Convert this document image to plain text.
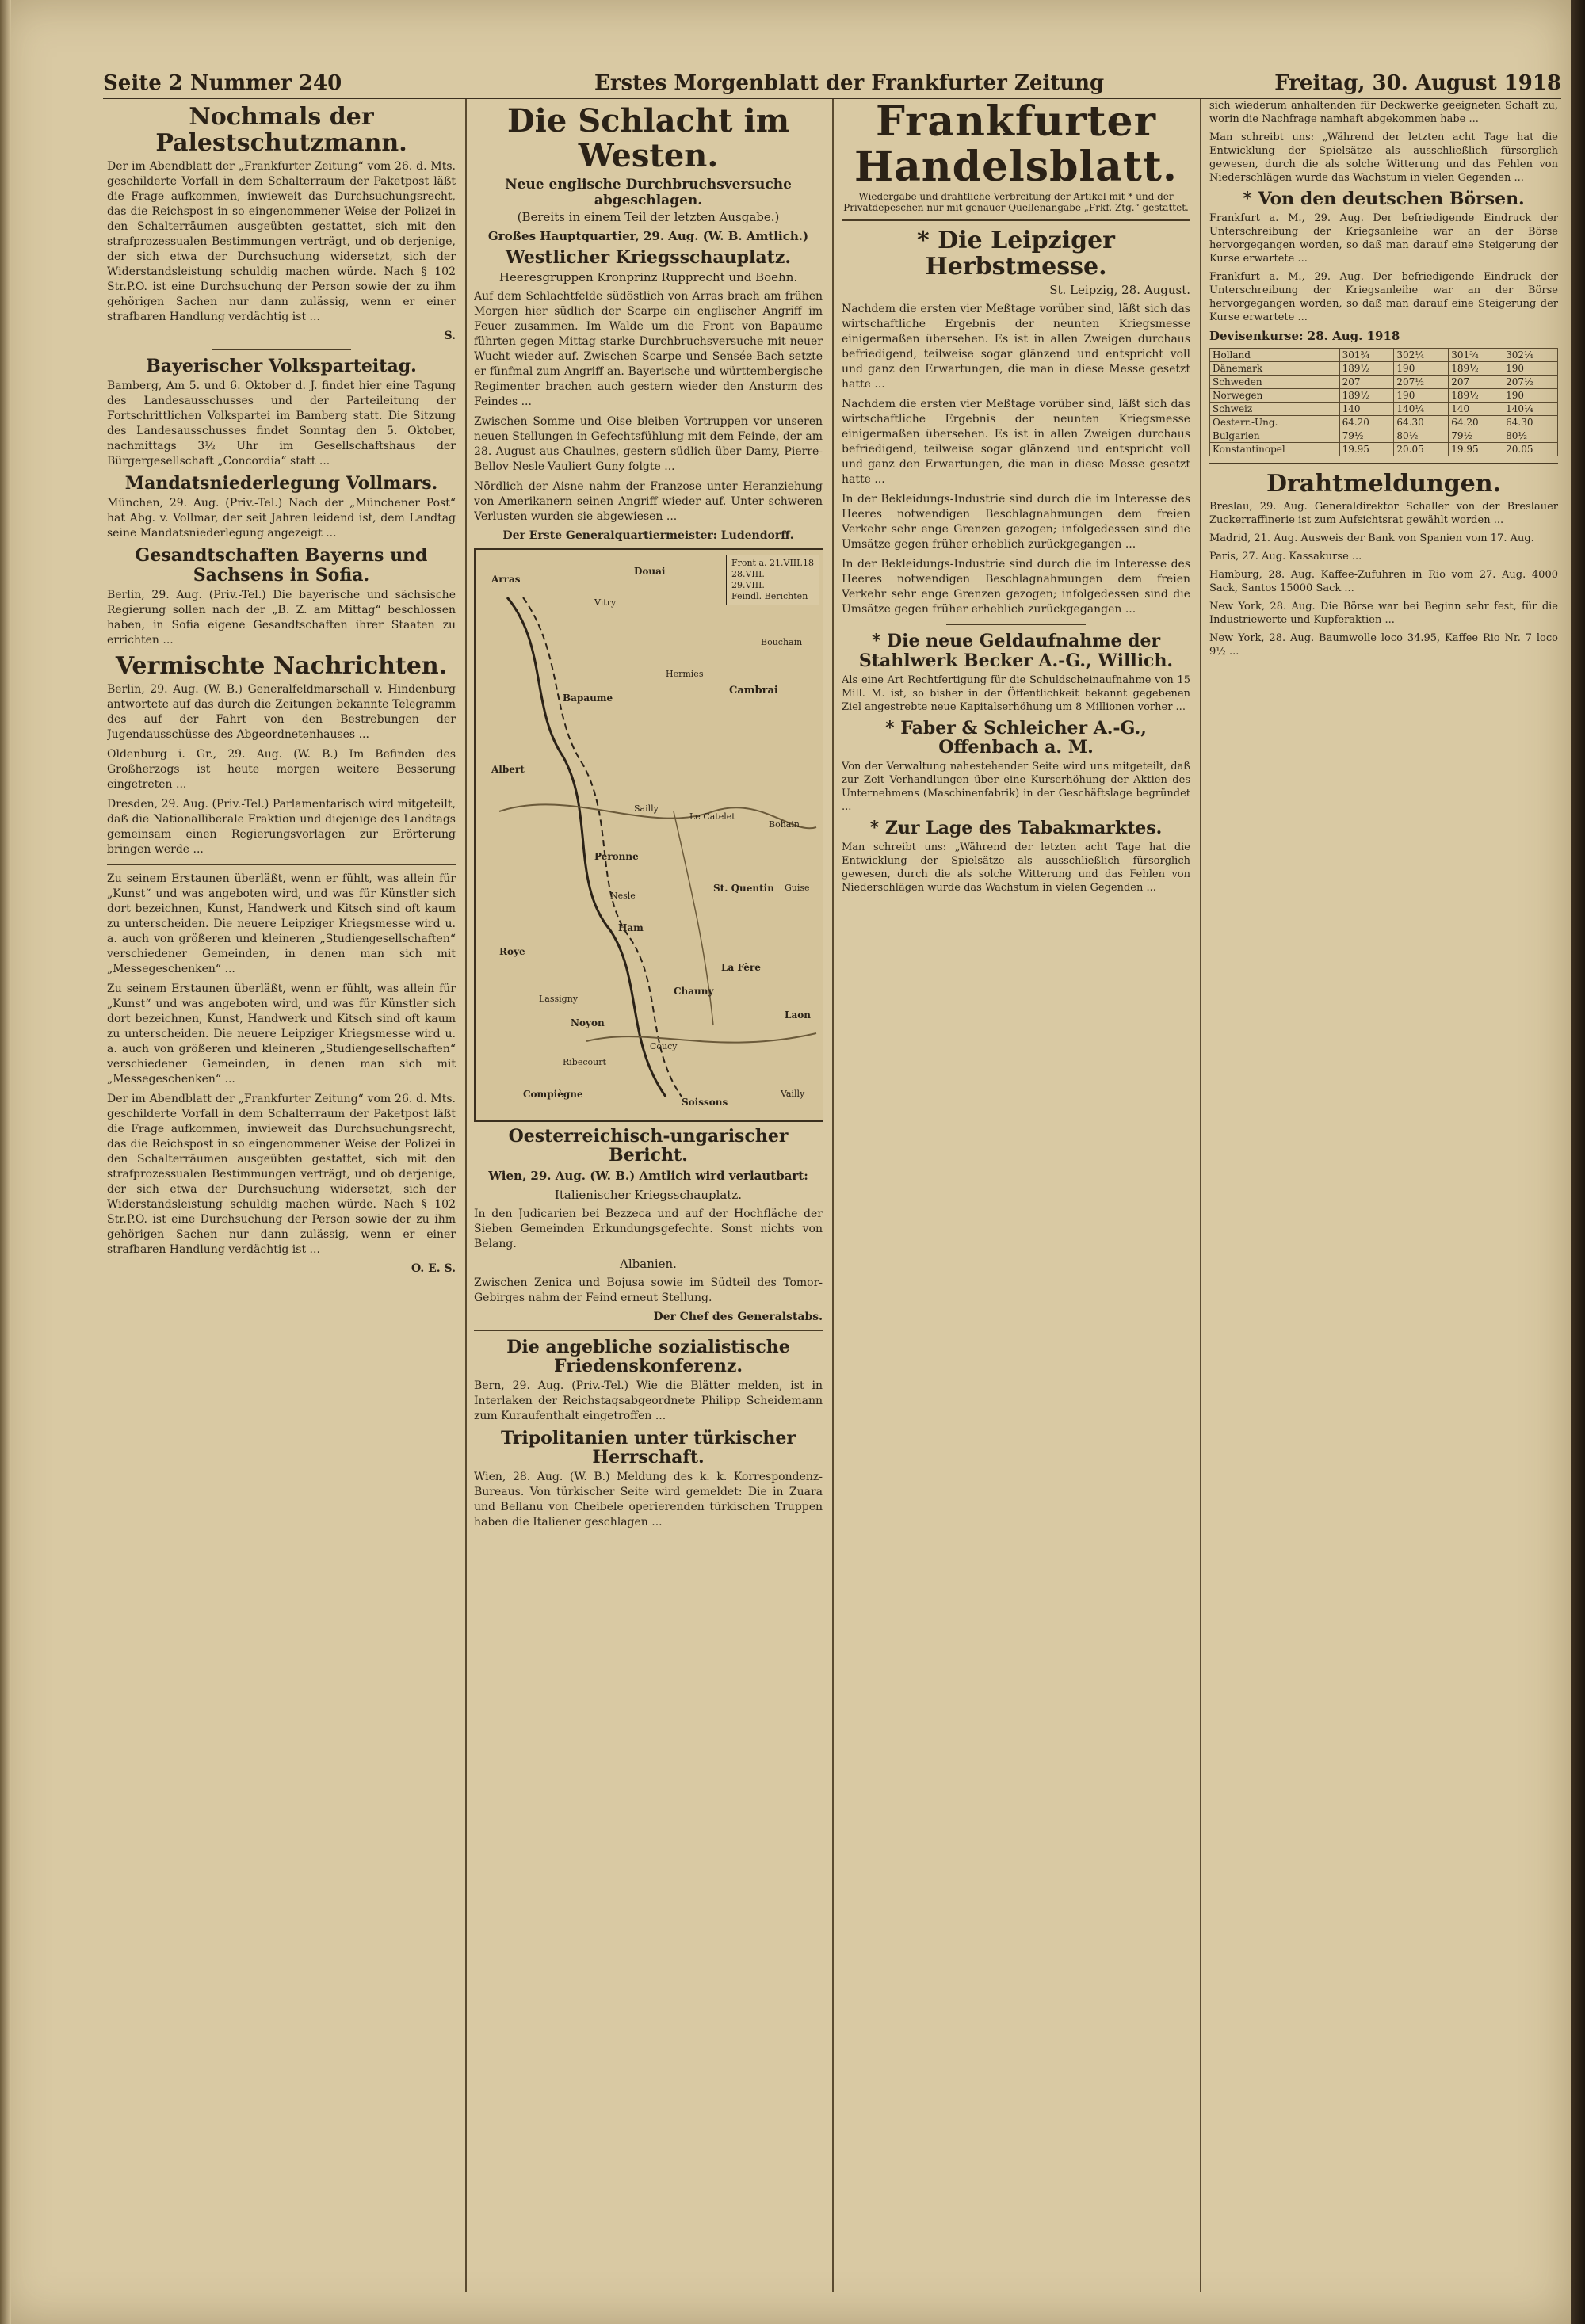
Seite 2 Nummer 240	Erstes Morgenblatt der Frankfurter Zeitung	Freitag, 30. August 1918
Nochmals der Palestschutzmann.

Der im Abendblatt der „Frankfurter Zeitung“ vom 26. d. Mts. geschilderte Vorfall in dem Schalterraum der Paketpost läßt die Frage aufkommen, inwieweit das Durchsuchungsrecht, das die Reichspost in so eingenommener Weise der Polizei in den Schalterräumen ausgeübten gestattet, sich mit den strafprozessualen Bestimmungen verträgt, und ob derjenige, der sich etwa der Durchsuchung widersetzt, sich der Widerstandsleistung schuldig machen würde. Nach § 102 Str.P.O. ist eine Durchsuchung der Person sowie der zu ihm gehörigen Sachen nur dann zulässig, wenn er einer strafbaren Handlung verdächtig ist ...

S.
Bayerischer Volksparteitag.

Bamberg, Am 5. und 6. Oktober d. J. findet hier eine Tagung des Landesausschusses und der Parteileitung der Fortschrittlichen Volkspartei im Bamberg statt. Die Sitzung des Landesausschusses findet Sonntag den 5. Oktober, nachmittags 3½ Uhr im Gesellschaftshaus der Bürgergesellschaft „Concordia“ statt ...

Mandatsniederlegung Vollmars.

München, 29. Aug. (Priv.-Tel.) Nach der „Münchener Post“ hat Abg. v. Vollmar, der seit Jahren leidend ist, dem Landtag seine Mandatsniederlegung angezeigt ...

Gesandtschaften Bayerns und Sachsens in Sofia.

Berlin, 29. Aug. (Priv.-Tel.) Die bayerische und sächsische Regierung sollen nach der „B. Z. am Mittag“ beschlossen haben, in Sofia eigene Gesandtschaften ihrer Staaten zu errichten ...

Vermischte Nachrichten.

Berlin, 29. Aug. (W. B.) Generalfeldmarschall v. Hindenburg antwortete auf das durch die Zeitungen bekannte Telegramm des auf der Fahrt von den Bestrebungen der Jugendausschüsse des Abgeordnetenhauses ...

Oldenburg i. Gr., 29. Aug. (W. B.) Im Befinden des Großherzogs ist heute morgen weitere Besserung eingetreten ...

Dresden, 29. Aug. (Priv.-Tel.) Parlamentarisch wird mitgeteilt, daß die Nationalliberale Fraktion und diejenige des Landtags gemeinsam einen Regierungsvorlagen zur Erörterung bringen werde ...

Zu seinem Erstaunen überläßt, wenn er fühlt, was allein für „Kunst“ und was angeboten wird, und was für Künstler sich dort bezeichnen, Kunst, Handwerk und Kitsch sind oft kaum zu unterscheiden. Die neuere Leipziger Kriegsmesse wird u. a. auch von größeren und kleineren „Studiengesellschaften“ verschiedener Gemeinden, in denen man sich mit „Messegeschenken“ ...

Zu seinem Erstaunen überläßt, wenn er fühlt, was allein für „Kunst“ und was angeboten wird, und was für Künstler sich dort bezeichnen, Kunst, Handwerk und Kitsch sind oft kaum zu unterscheiden. Die neuere Leipziger Kriegsmesse wird u. a. auch von größeren und kleineren „Studiengesellschaften“ verschiedener Gemeinden, in denen man sich mit „Messegeschenken“ ...

Der im Abendblatt der „Frankfurter Zeitung“ vom 26. d. Mts. geschilderte Vorfall in dem Schalterraum der Paketpost läßt die Frage aufkommen, inwieweit das Durchsuchungsrecht, das die Reichspost in so eingenommener Weise der Polizei in den Schalterräumen ausgeübten gestattet, sich mit den strafprozessualen Bestimmungen verträgt, und ob derjenige, der sich etwa der Durchsuchung widersetzt, sich der Widerstandsleistung schuldig machen würde. Nach § 102 Str.P.O. ist eine Durchsuchung der Person sowie der zu ihm gehörigen Sachen nur dann zulässig, wenn er einer strafbaren Handlung verdächtig ist ...

O. E. S.
Die Schlacht im Westen.
Neue englische Durchbruchsversuche abgeschlagen.
(Bereits in einem Teil der letzten Ausgabe.)
Großes Hauptquartier, 29. Aug. (W. B. Amtlich.)
Westlicher Kriegsschauplatz.
Heeresgruppen Kronprinz Rupprecht und Boehn.

Auf dem Schlachtfelde südöstlich von Arras brach am frühen Morgen hier südlich der Scarpe ein englischer Angriff im Feuer zusammen. Im Walde um die Front von Bapaume führten gegen Mittag starke Durchbruchsversuche mit neuer Wucht wieder auf. Zwischen Scarpe und Sensée-Bach setzte er fünfmal zum Angriff an. Bayerische und württembergische Regimenter brachen auch gestern wieder den Ansturm des Feindes ...

Zwischen Somme und Oise bleiben Vortruppen vor unseren neuen Stellungen in Gefechtsfühlung mit dem Feinde, der am 28. August aus Chaulnes, gestern südlich über Damy, Pierre-Bellov-Nesle-Vauliert-Guny folgte ...

Nördlich der Aisne nahm der Franzose unter Heranziehung von Amerikanern seinen Angriff wieder auf. Unter schweren Verlusten wurden sie abgewiesen ...

Der Erste Generalquartiermeister: Ludendorff.
Front a. 21.VIII.18
28.VIII.
29.VIII.
Feindl. Berichten
Arras
Douai
Vitry
Bouchain
Cambrai
Bapaume
Hermies
Albert
Sailly
Peronne
Le Catelet
Bohain
Ham
St. Quentin Guise
Roye
Noyon
Chauny
La Fère
Laon
Soissons
Compiègne	Vailly
Coucy
Nesle
Lassigny
Ribecourt
Oesterreichisch-ungarischer Bericht.
Wien, 29. Aug. (W. B.) Amtlich wird verlautbart:
Italienischer Kriegsschauplatz.

In den Judicarien bei Bezzeca und auf der Hochfläche der Sieben Gemeinden Erkundungsgefechte. Sonst nichts von Belang.

Albanien.

Zwischen Zenica und Bojusa sowie im Südteil des Tomor-Gebirges nahm der Feind erneut Stellung.

Der Chef des Generalstabs.
Die angebliche sozialistische Friedenskonferenz.

Bern, 29. Aug. (Priv.-Tel.) Wie die Blätter melden, ist in Interlaken der Reichstagsabgeordnete Philipp Scheidemann zum Kuraufenthalt eingetroffen ...

Tripolitanien unter türkischer Herrschaft.

Wien, 28. Aug. (W. B.) Meldung des k. k. Korrespondenz-Bureaus. Von türkischer Seite wird gemeldet: Die in Zuara und Bellanu von Cheibele operierenden türkischen Truppen haben die Italiener geschlagen ...

Frankfurter Handelsblatt.
Wiedergabe und drahtliche Verbreitung der Artikel mit * und der Privatdepeschen nur mit genauer Quellenangabe „Frkf. Ztg.“ gestattet.
* Die Leipziger Herbstmesse.
St. Leipzig, 28. August.

Nachdem die ersten vier Meßtage vorüber sind, läßt sich das wirtschaftliche Ergebnis der neunten Kriegsmesse einigermaßen übersehen. Es ist in allen Zweigen durchaus befriedigend, teilweise sogar glänzend und entspricht voll und ganz den Erwartungen, die man in diese Messe gesetzt hatte ...

Nachdem die ersten vier Meßtage vorüber sind, läßt sich das wirtschaftliche Ergebnis der neunten Kriegsmesse einigermaßen übersehen. Es ist in allen Zweigen durchaus befriedigend, teilweise sogar glänzend und entspricht voll und ganz den Erwartungen, die man in diese Messe gesetzt hatte ...

In der Bekleidungs-Industrie sind durch die im Interesse des Heeres notwendigen Beschlagnahmungen dem freien Verkehr sehr enge Grenzen gezogen; infolgedessen sind die Umsätze gegen früher erheblich zurückgegangen ...

In der Bekleidungs-Industrie sind durch die im Interesse des Heeres notwendigen Beschlagnahmungen dem freien Verkehr sehr enge Grenzen gezogen; infolgedessen sind die Umsätze gegen früher erheblich zurückgegangen ...

* Die neue Geldaufnahme der Stahlwerk Becker A.-G., Willich.

Als eine Art Rechtfertigung für die Schuldscheinaufnahme von 15 Mill. M. ist, so bisher in der Öffentlichkeit bekannt gegebenen Ziel angestrebte neue Kapitalserhöhung um 8 Millionen vorher ...

* Faber & Schleicher A.-G., Offenbach a. M.

Von der Verwaltung nahestehender Seite wird uns mitgeteilt, daß zur Zeit Verhandlungen über eine Kurserhöhung der Aktien des Unternehmens (Maschinenfabrik) in der Geschäftslage begründet ...

* Zur Lage des Tabakmarktes.

Man schreibt uns: „Während der letzten acht Tage hat die Entwicklung der Spielsätze als ausschließlich fürsorglich gewesen, durch die als solche Witterung und das Fehlen von Niederschlägen wurde das Wachstum in vielen Gegenden ...

sich wiederum anhaltenden für Deckwerke geeigneten Schaft zu, worin die Nachfrage namhaft abgekommen habe ...

Man schreibt uns: „Während der letzten acht Tage hat die Entwicklung der Spielsätze als ausschließlich fürsorglich gewesen, durch die als solche Witterung und das Fehlen von Niederschlägen wurde das Wachstum in vielen Gegenden ...

* Von den deutschen Börsen.

Frankfurt a. M., 29. Aug. Der befriedigende Eindruck der Unterschreibung der Kriegsanleihe war an der Börse hervorgegangen worden, so daß man darauf eine Steigerung der Kurse erwartete ...

Frankfurt a. M., 29. Aug. Der befriedigende Eindruck der Unterschreibung der Kriegsanleihe war an der Börse hervorgegangen worden, so daß man darauf eine Steigerung der Kurse erwartete ...

Devisenkurse: 28. Aug. 1918
Holland	301¾	302¼	301¾	302¼
Dänemark	189½	190	189½	190
Schweden	207	207½	207	207½
Norwegen	189½	190	189½	190
Schweiz	140	140¼	140	140¼
Oesterr.-Ung.	64.20	64.30	64.20	64.30
Bulgarien	79½	80½	79½	80½
Konstantinopel	19.95	20.05	19.95	20.05
Drahtmeldungen.

Breslau, 29. Aug. Generaldirektor Schaller von der Breslauer Zuckerraffinerie ist zum Aufsichtsrat gewählt worden ...

Madrid, 21. Aug. Ausweis der Bank von Spanien vom 17. Aug.

Paris, 27. Aug. Kassakurse ...

Hamburg, 28. Aug. Kaffee-Zufuhren in Rio vom 27. Aug. 4000 Sack, Santos 15000 Sack ...

New York, 28. Aug. Die Börse war bei Beginn sehr fest, für die Industriewerte und Kupferaktien ...

New York, 28. Aug. Baumwolle loco 34.95, Kaffee Rio Nr. 7 loco 9½ ...
